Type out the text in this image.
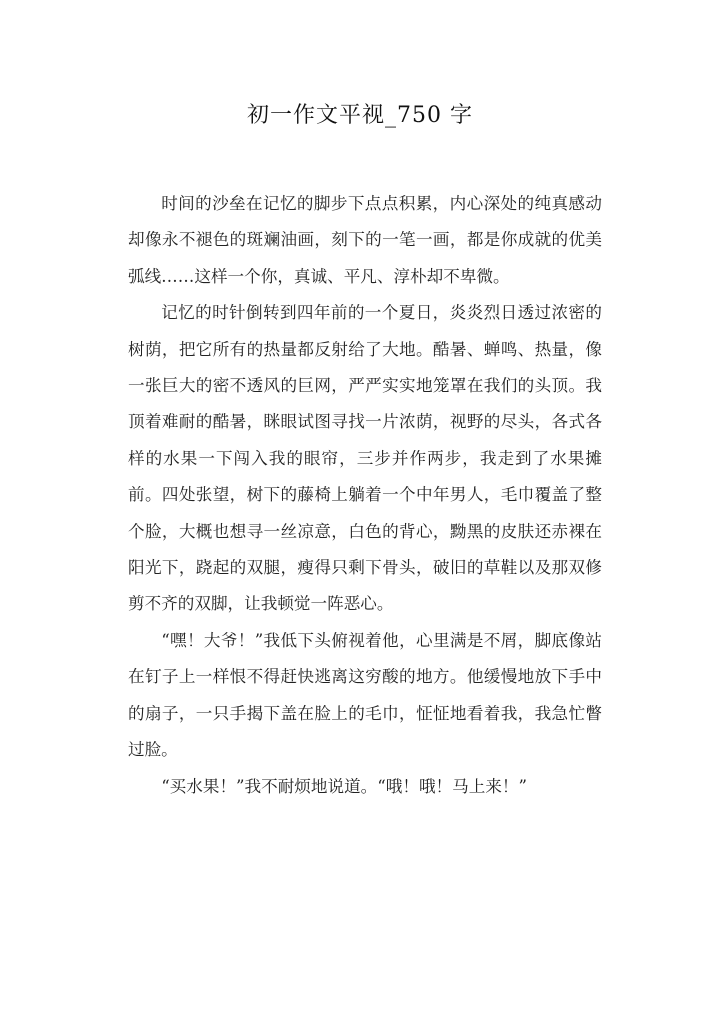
初一作文平视_750 字

时间的沙垒在记忆的脚步下点点积累，内心深处的纯真感动却像永不褪色的斑斓油画，刻下的一笔一画，都是你成就的优美弧线……这样一个你，真诚、平凡、淳朴却不卑微。

记忆的时针倒转到四年前的一个夏日，炎炎烈日透过浓密的树荫，把它所有的热量都反射给了大地。酷暑、蝉鸣、热量，像一张巨大的密不透风的巨网，严严实实地笼罩在我们的头顶。我顶着难耐的酷暑，眯眼试图寻找一片浓荫，视野的尽头，各式各样的水果一下闯入我的眼帘，三步并作两步，我走到了水果摊前。四处张望，树下的藤椅上躺着一个中年男人，毛巾覆盖了整个脸，大概也想寻一丝凉意，白色的背心，黝黑的皮肤还赤裸在阳光下，跷起的双腿，瘦得只剩下骨头，破旧的草鞋以及那双修剪不齐的双脚，让我顿觉一阵恶心。

“嘿！大爷！”我低下头俯视着他，心里满是不屑，脚底像站在钉子上一样恨不得赶快逃离这穷酸的地方。他缓慢地放下手中的扇子，一只手揭下盖在脸上的毛巾，怔怔地看着我，我急忙瞥过脸。

“买水果！”我不耐烦地说道。“哦！哦！马上来！”
